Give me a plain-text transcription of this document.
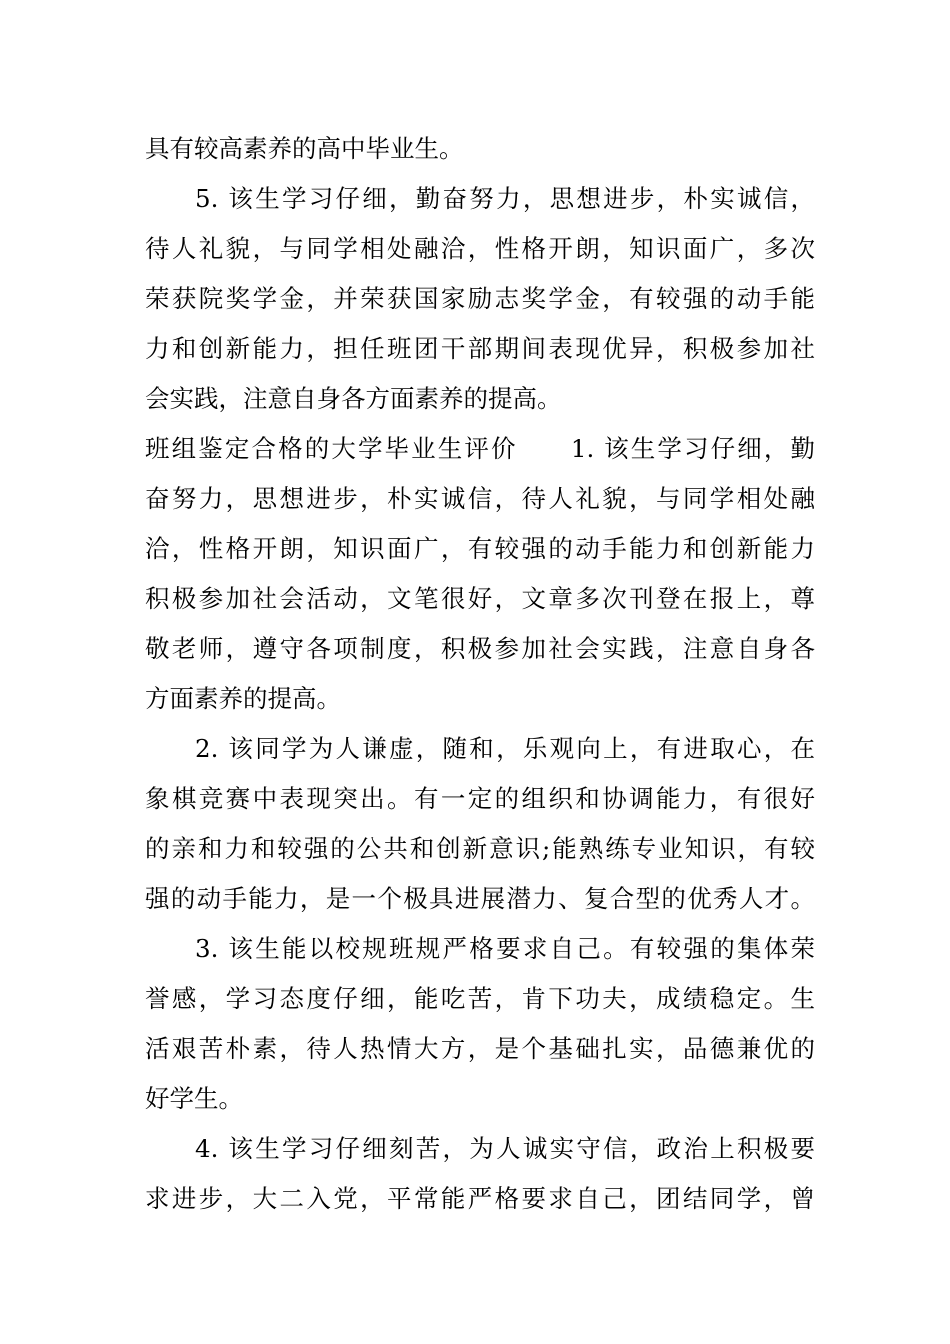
具有较高素养的高中毕业生。
5. 该生学习仔细，勤奋努力，思想进步，朴实诚信，
待人礼貌，与同学相处融洽，性格开朗，知识面广，多次
荣获院奖学金，并荣获国家励志奖学金，有较强的动手能
力和创新能力，担任班团干部期间表现优异，积极参加社
会实践，注意自身各方面素养的提高。
班组鉴定合格的大学毕业生评价　　1. 该生学习仔细，勤
奋努力，思想进步，朴实诚信，待人礼貌，与同学相处融
洽，性格开朗，知识面广，有较强的动手能力和创新能力
积极参加社会活动，文笔很好，文章多次刊登在报上，尊
敬老师，遵守各项制度，积极参加社会实践，注意自身各
方面素养的提高。
2. 该同学为人谦虚，随和，乐观向上，有进取心，在
象棋竞赛中表现突出。有一定的组织和协调能力，有很好
的亲和力和较强的公共和创新意识;能熟练专业知识，有较
强的动手能力，是一个极具进展潜力、复合型的优秀人才。
3. 该生能以校规班规严格要求自己。有较强的集体荣
誉感，学习态度仔细，能吃苦，肯下功夫，成绩稳定。生
活艰苦朴素，待人热情大方，是个基础扎实，品德兼优的
好学生。
4. 该生学习仔细刻苦，为人诚实守信，政治上积极要
求进步，大二入党，平常能严格要求自己，团结同学，曾
